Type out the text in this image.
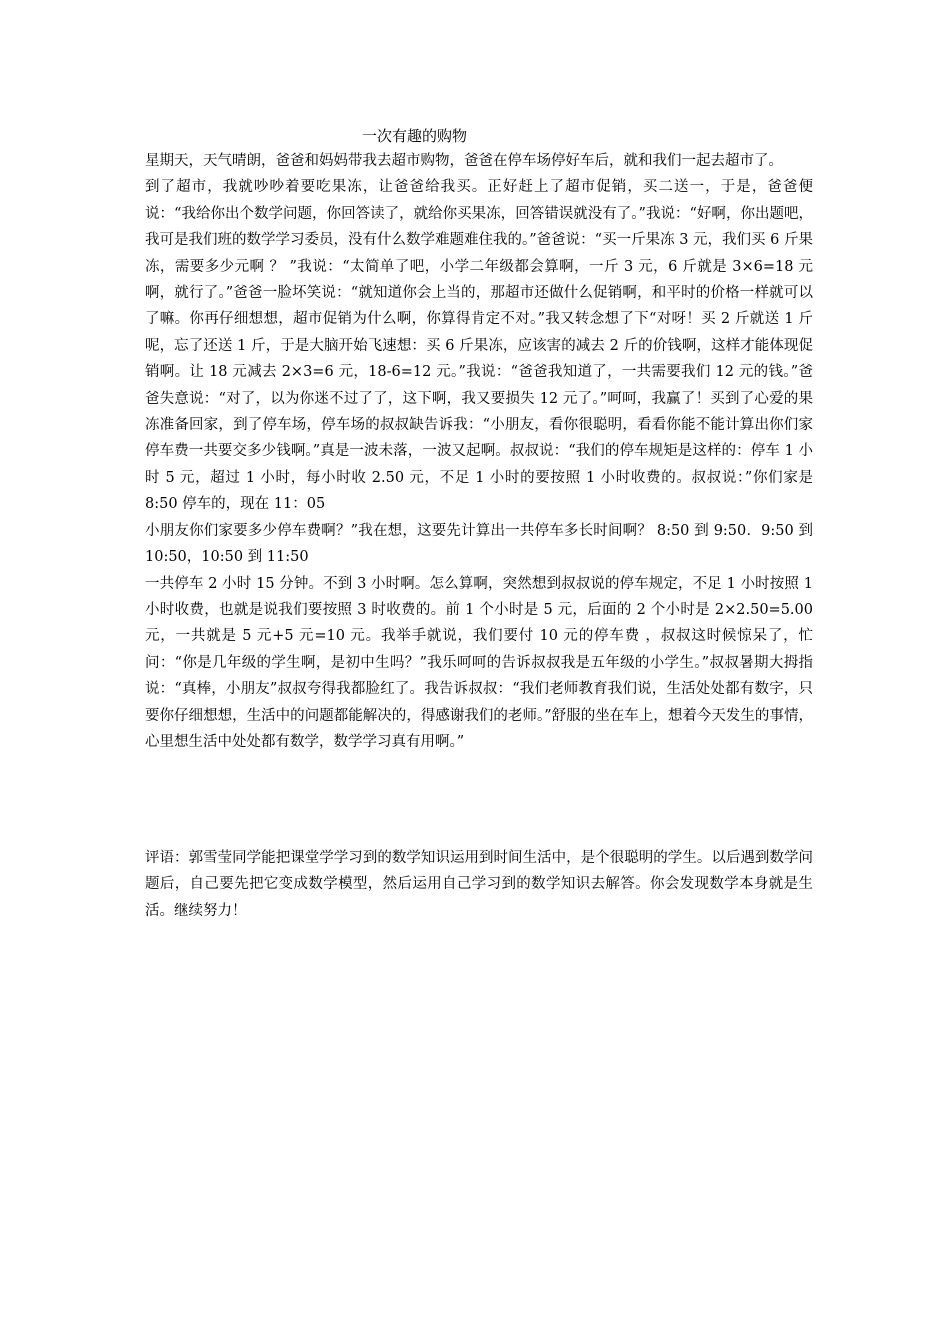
一次有趣的购物

星期天，天气晴朗，爸爸和妈妈带我去超市购物，爸爸在停车场停好车后，就和我们一起去超市了。

到了超市，我就吵吵着要吃果冻，让爸爸给我买。正好赶上了超市促销，买二送一，于是，爸爸便说：“我给你出个数学问题，你回答读了，就给你买果冻，回答错误就没有了。”我说：“好啊，你出题吧，我可是我们班的数学学习委员，没有什么数学难题难住我的。”爸爸说：“买一斤果冻 3 元，我们买 6 斤果冻，需要多少元啊 ？ ”我说：“太简单了吧，小学二年级都会算啊，一斤 3 元，6 斤就是 3×6=18 元啊，就行了。”爸爸一脸坏笑说：“就知道你会上当的，那超市还做什么促销啊，和平时的价格一样就可以了嘛。你再仔细想想，超市促销为什么啊，你算得肯定不对。”我又转念想了下“对呀！买 2 斤就送 1 斤呢，忘了还送 1 斤，于是大脑开始飞速想：买 6 斤果冻，应该害的减去 2 斤的价钱啊，这样才能体现促销啊。让 18 元减去 2×3=6 元，18-6=12 元。”我说：“爸爸我知道了，一共需要我们 12 元的钱。”爸爸失意说：“对了，以为你迷不过了了，这下啊，我又要损失 12 元了。”呵呵，我赢了！买到了心爱的果冻准备回家，到了停车场，停车场的叔叔缺告诉我：“小朋友，看你很聪明，看看你能不能计算出你们家停车费一共要交多少钱啊。”真是一波未落，一波又起啊。叔叔说：“我们的停车规矩是这样的：停车 1 小时 5 元，超过 1 小时，每小时收 2.50 元，不足 1 小时的要按照 1 小时收费的。叔叔说：”你们家是 8:50 停车的，现在 11：05

小朋友你们家要多少停车费啊？”我在想，这要先计算出一共停车多长时间啊？ 8:50 到 9:50．9:50 到 10:50，10:50 到 11:50

一共停车 2 小时 15 分钟。不到 3 小时啊。怎么算啊，突然想到叔叔说的停车规定，不足 1 小时按照 1 小时收费，也就是说我们要按照 3 时收费的。前 1 个小时是 5 元，后面的 2 个小时是 2×2.50=5.00 元，一共就是 5 元+5 元=10 元。我举手就说，我们要付 10 元的停车费 ，叔叔这时候惊呆了，忙问：“你是几年级的学生啊，是初中生吗？”我乐呵呵的告诉叔叔我是五年级的小学生。”叔叔暑期大拇指说：“真棒，小朋友”叔叔夸得我都脸红了。我告诉叔叔：“我们老师教育我们说，生活处处都有数字，只要你仔细想想，生活中的问题都能解决的，得感谢我们的老师。”舒服的坐在车上，想着今天发生的事情，心里想生活中处处都有数学，数学学习真有用啊。”

评语：郭雪莹同学能把课堂学学习到的数学知识运用到时间生活中，是个很聪明的学生。以后遇到数学问题后，自己要先把它变成数学模型，然后运用自己学习到的数学知识去解答。你会发现数学本身就是生活。继续努力！
